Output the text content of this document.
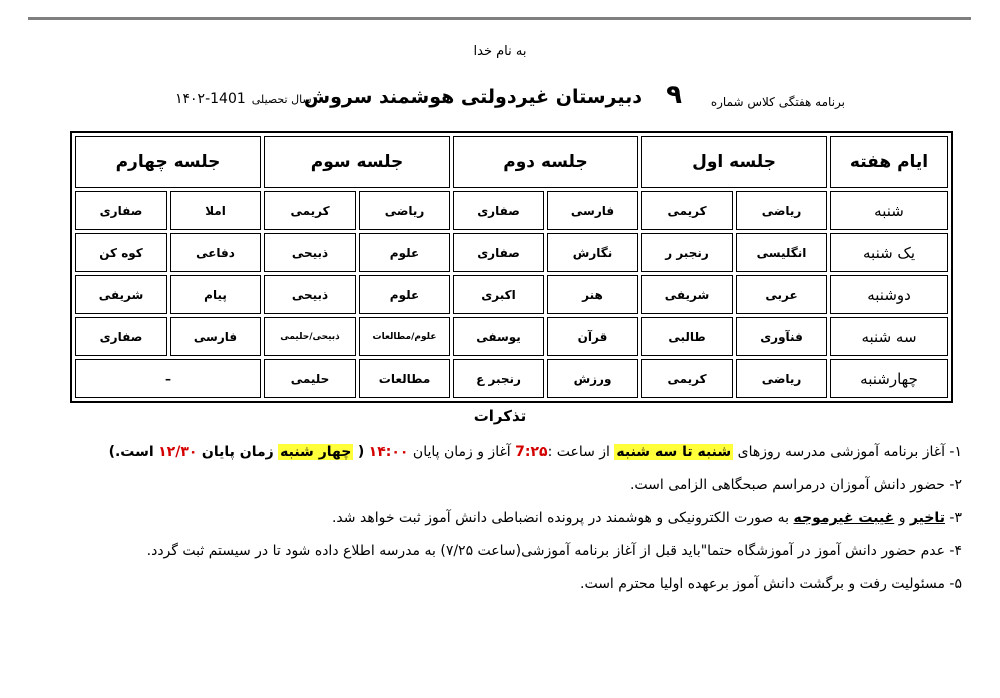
به نام خدا
برنامه هفتگی کلاس شماره
۹
دبیرستان غیردولتی هوشمند سروش
۱۴۰۲-1401 سال تحصیلی
ایام هفته	جلسه اول		جلسه دوم		جلسه سوم		جلسه چهارم	
شنبه	ریاضی	کریمی	فارسی	صفاری	ریاضی	کریمی	املا	صفاری
یک شنبه	انگلیسی	رنجبر ر	نگارش	صفاری	علوم	ذبیحی	دفاعی	کوه کن
دوشنبه	عربی	شریفی	هنر	اکبری	علوم	ذبیحی	پیام	شریفی
سه شنبه	فنآوری	طالبی	قرآن	یوسفی	علوم/مطالعات	ذبیحی/حلیمی	فارسی	صفاری
چهارشنبه	ریاضی	کریمی	ورزش	رنجبر ع	مطالعات	حلیمی	–	
تذکرات
۱- آغاز برنامه آموزشی مدرسه روزهای شنبه تا سه شنبه از ساعت :7:۲۵ آغاز و زمان پایان ۱۴:۰۰ ( چهار شنبه زمان پایان ۱۲/۳۰ است.)
۲- حضور دانش آموزان درمراسم صبحگاهی الزامی است.
۳- تاخیر و غیبت غیرموجه به صورت الکترونیکی و هوشمند در پرونده انضباطی دانش آموز ثبت خواهد شد.
۴- عدم حضور دانش آموز در آموزشگاه حتما"باید قبل از آغاز برنامه آموزشی(ساعت ۷/۲۵) به مدرسه اطلاع داده شود تا در سیستم ثبت گردد.
۵- مسئولیت رفت و برگشت دانش آموز برعهده اولیا محترم است.
